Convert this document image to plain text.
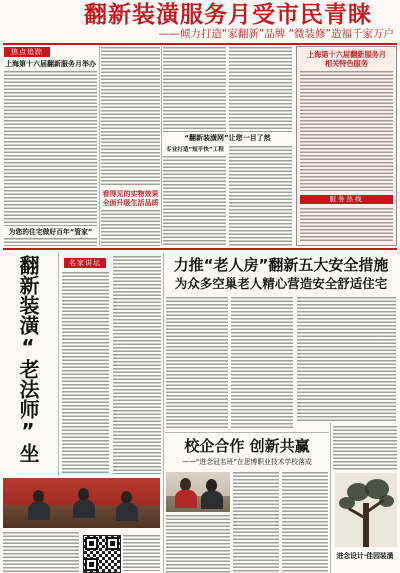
翻新装潢服务月受市民青睐
——倾力打造“家翻新”品牌 “微装修”造福千家万户
热点追踪
上海第十六届翻新服务月举办
为您的住宅做好百年“管家”
看得见的实物效果
全面升级生活品质
“翻新装潢网”让您一目了然
专业打造“短平快”工程
上海第十六届翻新服务月
相关特色服务
服务热线
翻新装潢“老法师”坐
名家讲坛	力推“老人房”翻新五大安全措施
为众多空巢老人精心营造安全舒适住宅
校企合作 创新共赢
——“进念冠名班”在思博职业技术学校落成
进念设计·佳园装潢
